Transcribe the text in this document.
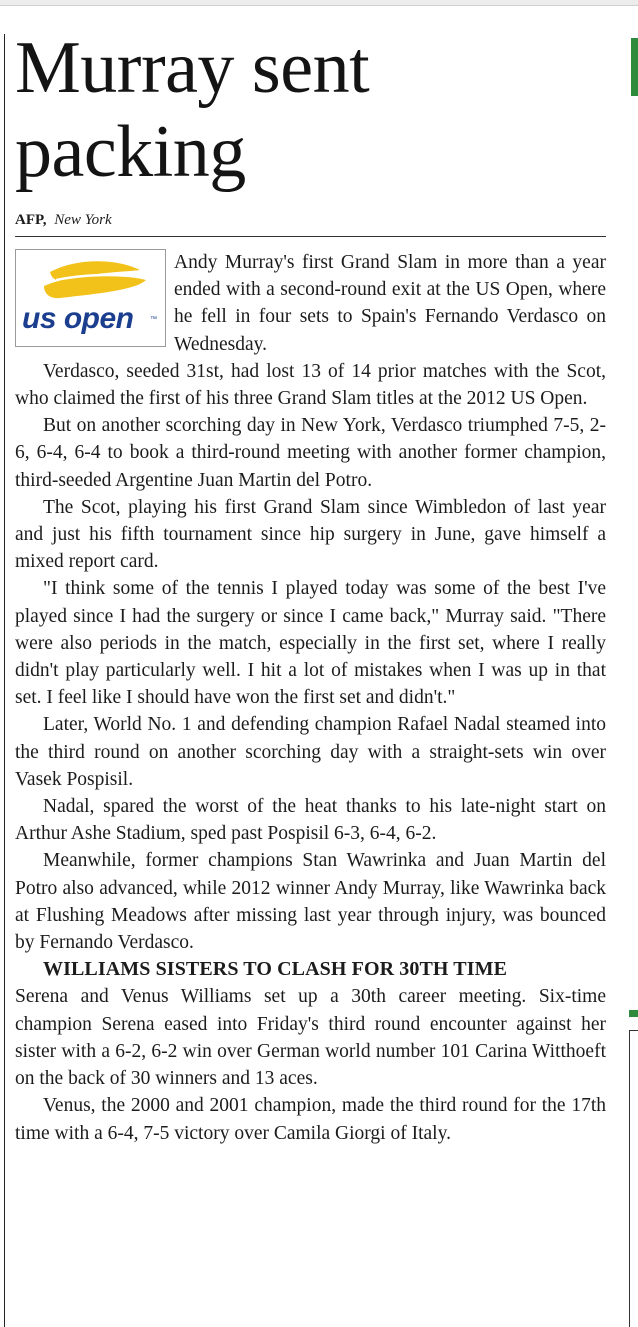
Murray sent packing
AFP, New York
us open ™

Andy Murray's first Grand Slam in more than a year ended with a second-round exit at the US Open, where he fell in four sets to Spain's Fernando Verdasco on Wednesday.

Verdasco, seeded 31st, had lost 13 of 14 prior matches with the Scot, who claimed the first of his three Grand Slam titles at the 2012 US Open.

But on another scorching day in New York, Verdasco triumphed 7-5, 2-6, 6-4, 6-4 to book a third-round meeting with another former champion, third-seeded Argentine Juan Martin del Potro.

The Scot, playing his first Grand Slam since Wimbledon of last year and just his fifth tournament since hip surgery in June, gave himself a mixed report card.

"I think some of the tennis I played today was some of the best I've played since I had the surgery or since I came back," Murray said. "There were also periods in the match, especially in the first set, where I really didn't play particularly well. I hit a lot of mistakes when I was up in that set. I feel like I should have won the first set and didn't."

Later, World No. 1 and defending champion Rafael Nadal steamed into the third round on another scorching day with a straight-sets win over Vasek Pospisil.

Nadal, spared the worst of the heat thanks to his late-night start on Arthur Ashe Stadium, sped past Pospisil 6-3, 6-4, 6-2.

Meanwhile, former champions Stan Wawrinka and Juan Martin del Potro also advanced, while 2012 winner Andy Murray, like Wawrinka back at Flushing Meadows after missing last year through injury, was bounced by Fernando Verdasco.

WILLIAMS SISTERS TO CLASH FOR 30TH TIME

Serena and Venus Williams set up a 30th career meeting. Six-time champion Serena eased into Friday's third round encounter against her sister with a 6-2, 6-2 win over German world number 101 Carina Witthoeft on the back of 30 winners and 13 aces.

Venus, the 2000 and 2001 champion, made the third round for the 17th time with a 6-4, 7-5 victory over Camila Giorgi of Italy.
